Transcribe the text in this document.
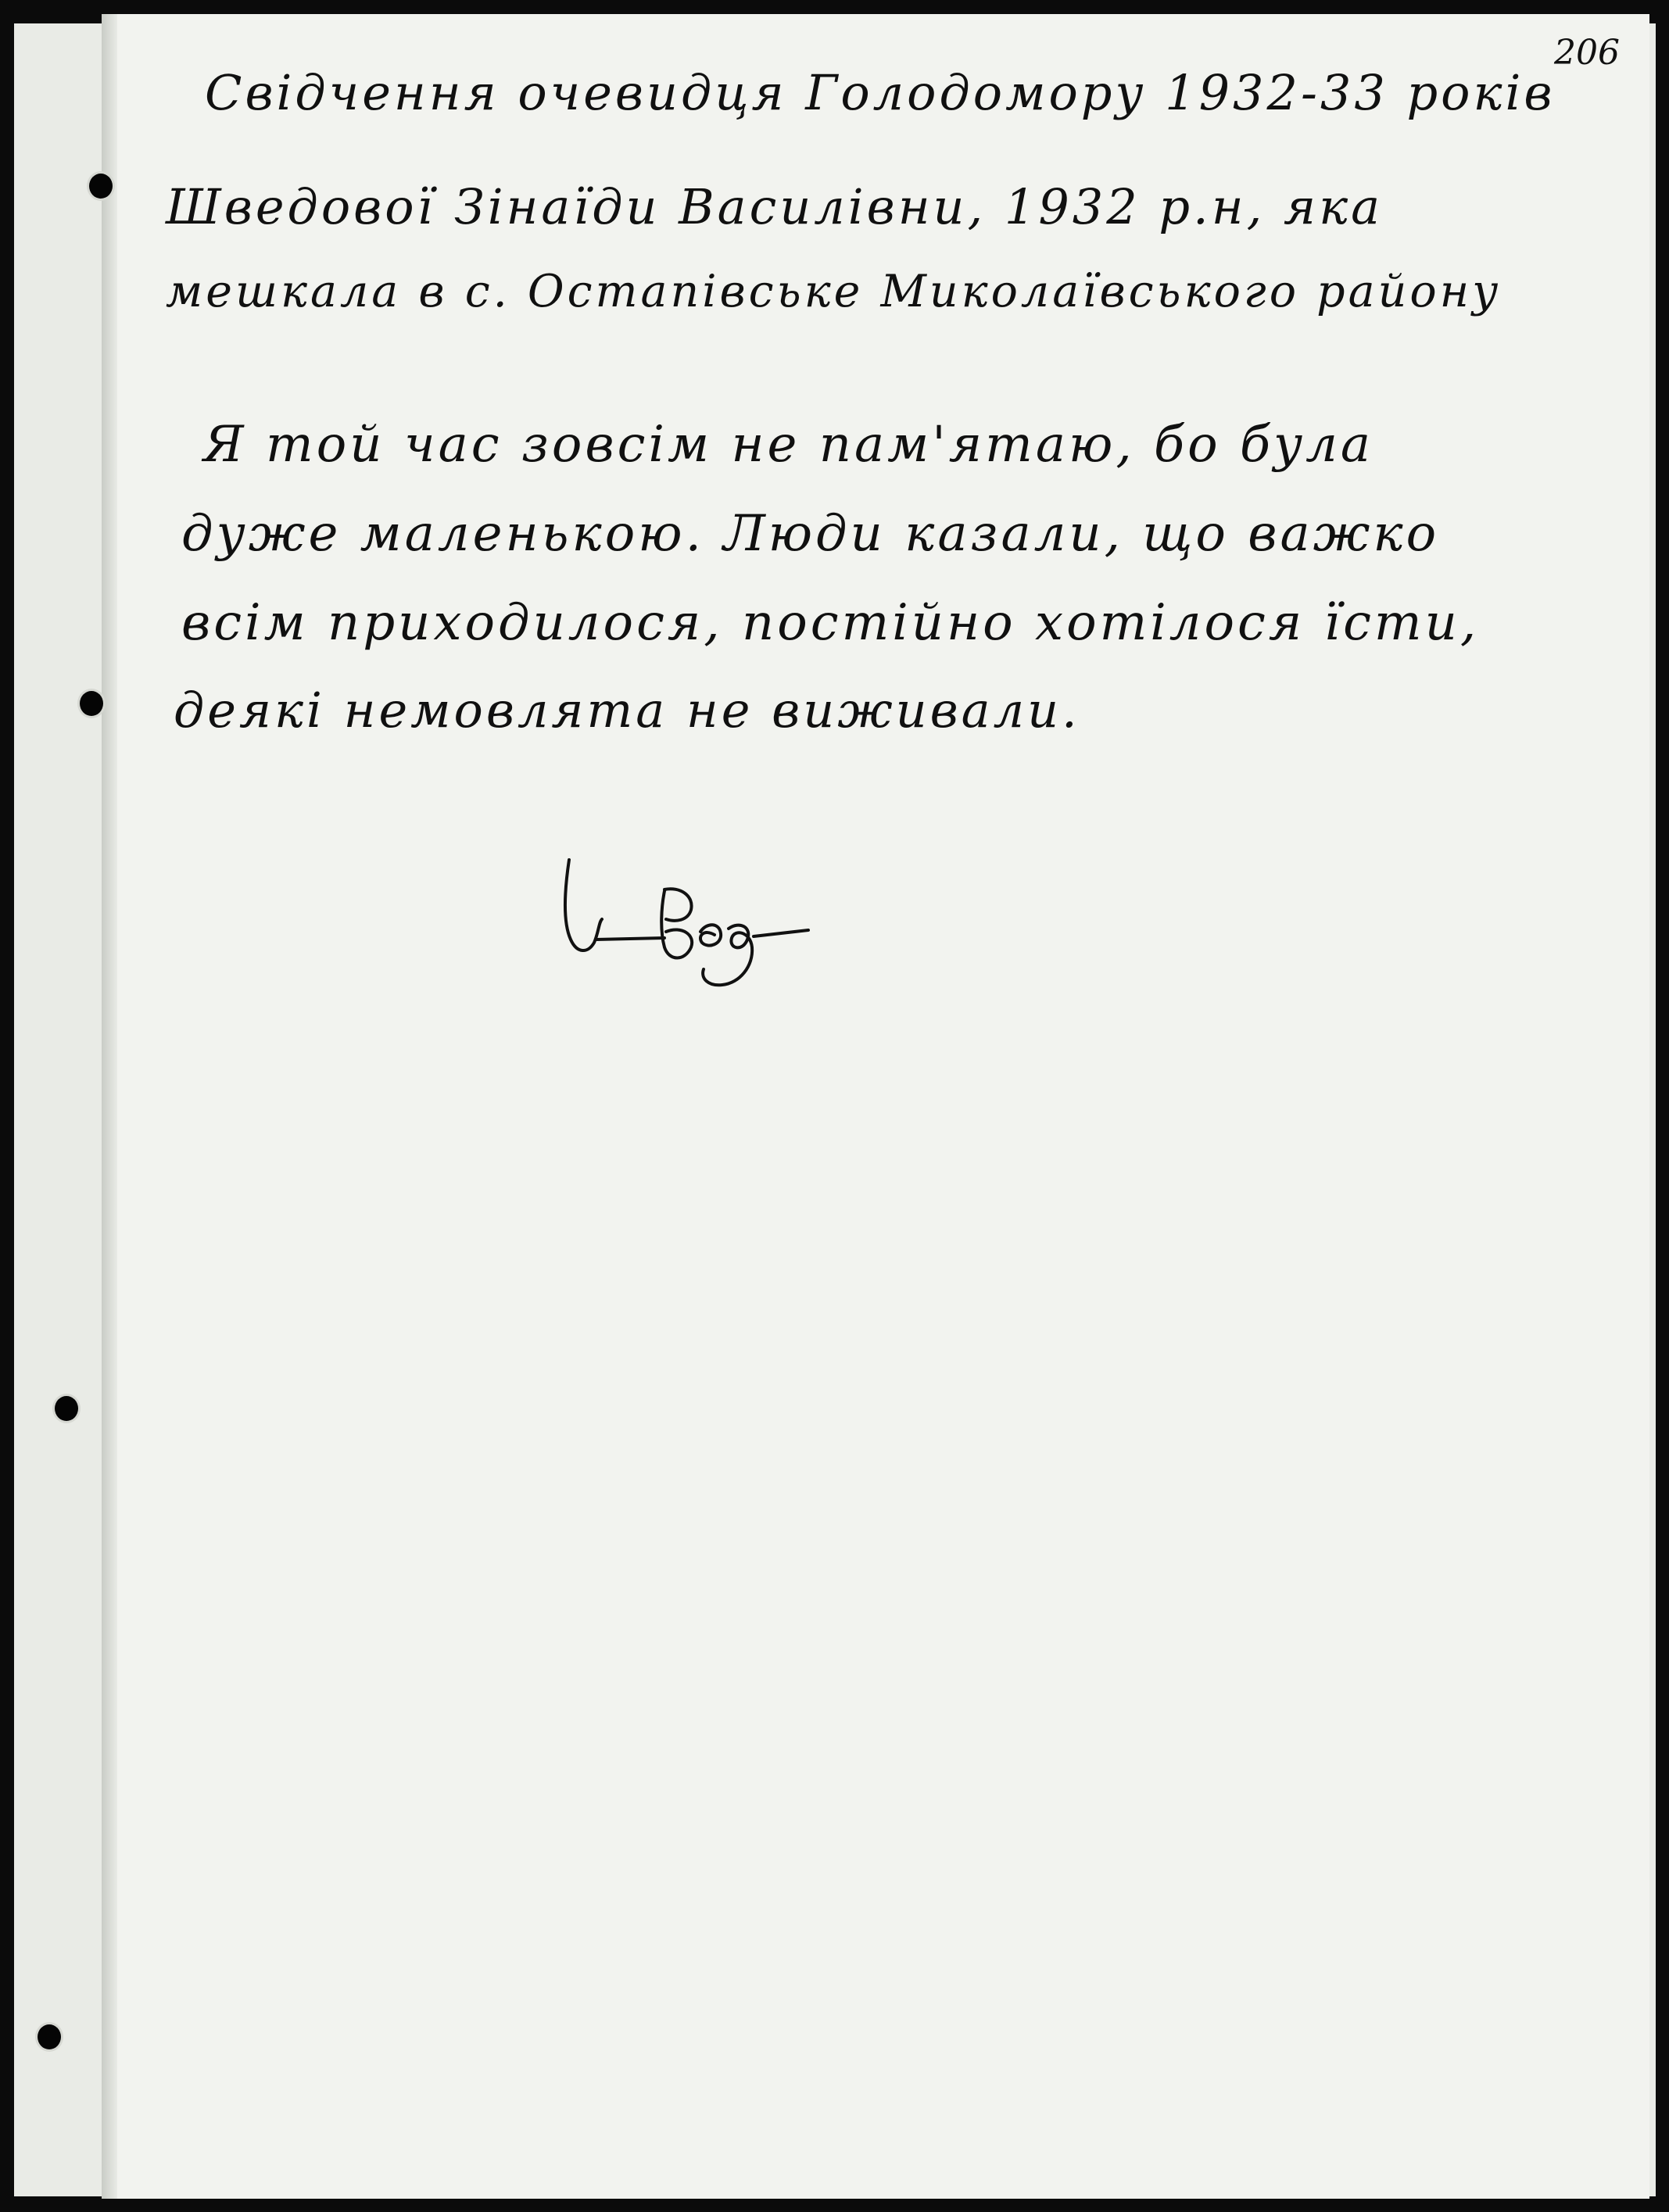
206
Свідчення очевидця Голодомору 1932-33 років
Шведової Зінаїди Василівни, 1932 р.н, яка
мешкала в с. Остапівське Миколаївського району
Я той час зовсім не пам'ятаю, бо була
дуже маленькою. Люди казали, що важко
всім приходилося, постійно хотілося їсти,
деякі немовлята не виживали.
